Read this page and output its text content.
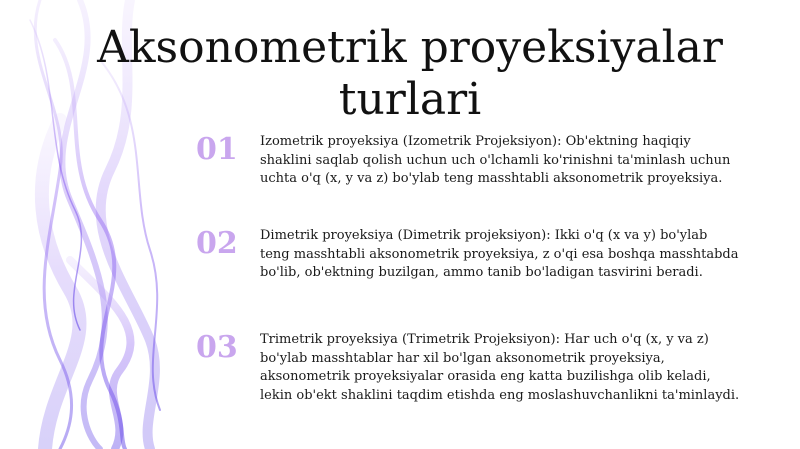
Aksonometrik proyeksiyalar turlari
01	Izometrik proyeksiya (Izometrik Projeksiyon): Ob'ektning haqiqiy shaklini saqlab qolish uchun uch o'lchamli ko'rinishni ta'minlash uchun uchta o'q (x, y va z) bo'ylab teng masshtabli aksonometrik proyeksiya.
02	Dimetrik proyeksiya (Dimetrik projeksiyon): Ikki o'q (x va y) bo'ylab teng masshtabli aksonometrik proyeksiya, z o'qi esa boshqa masshtabda bo'lib, ob'ektning buzilgan, ammo tanib bo'ladigan tasvirini beradi.
03	Trimetrik proyeksiya (Trimetrik Projeksiyon): Har uch o'q (x, y va z) bo'ylab masshtablar har xil bo'lgan aksonometrik proyeksiya, aksonometrik proyeksiyalar orasida eng katta buzilishga olib keladi, lekin ob'ekt shaklini taqdim etishda eng moslashuvchanlikni ta'minlaydi.
